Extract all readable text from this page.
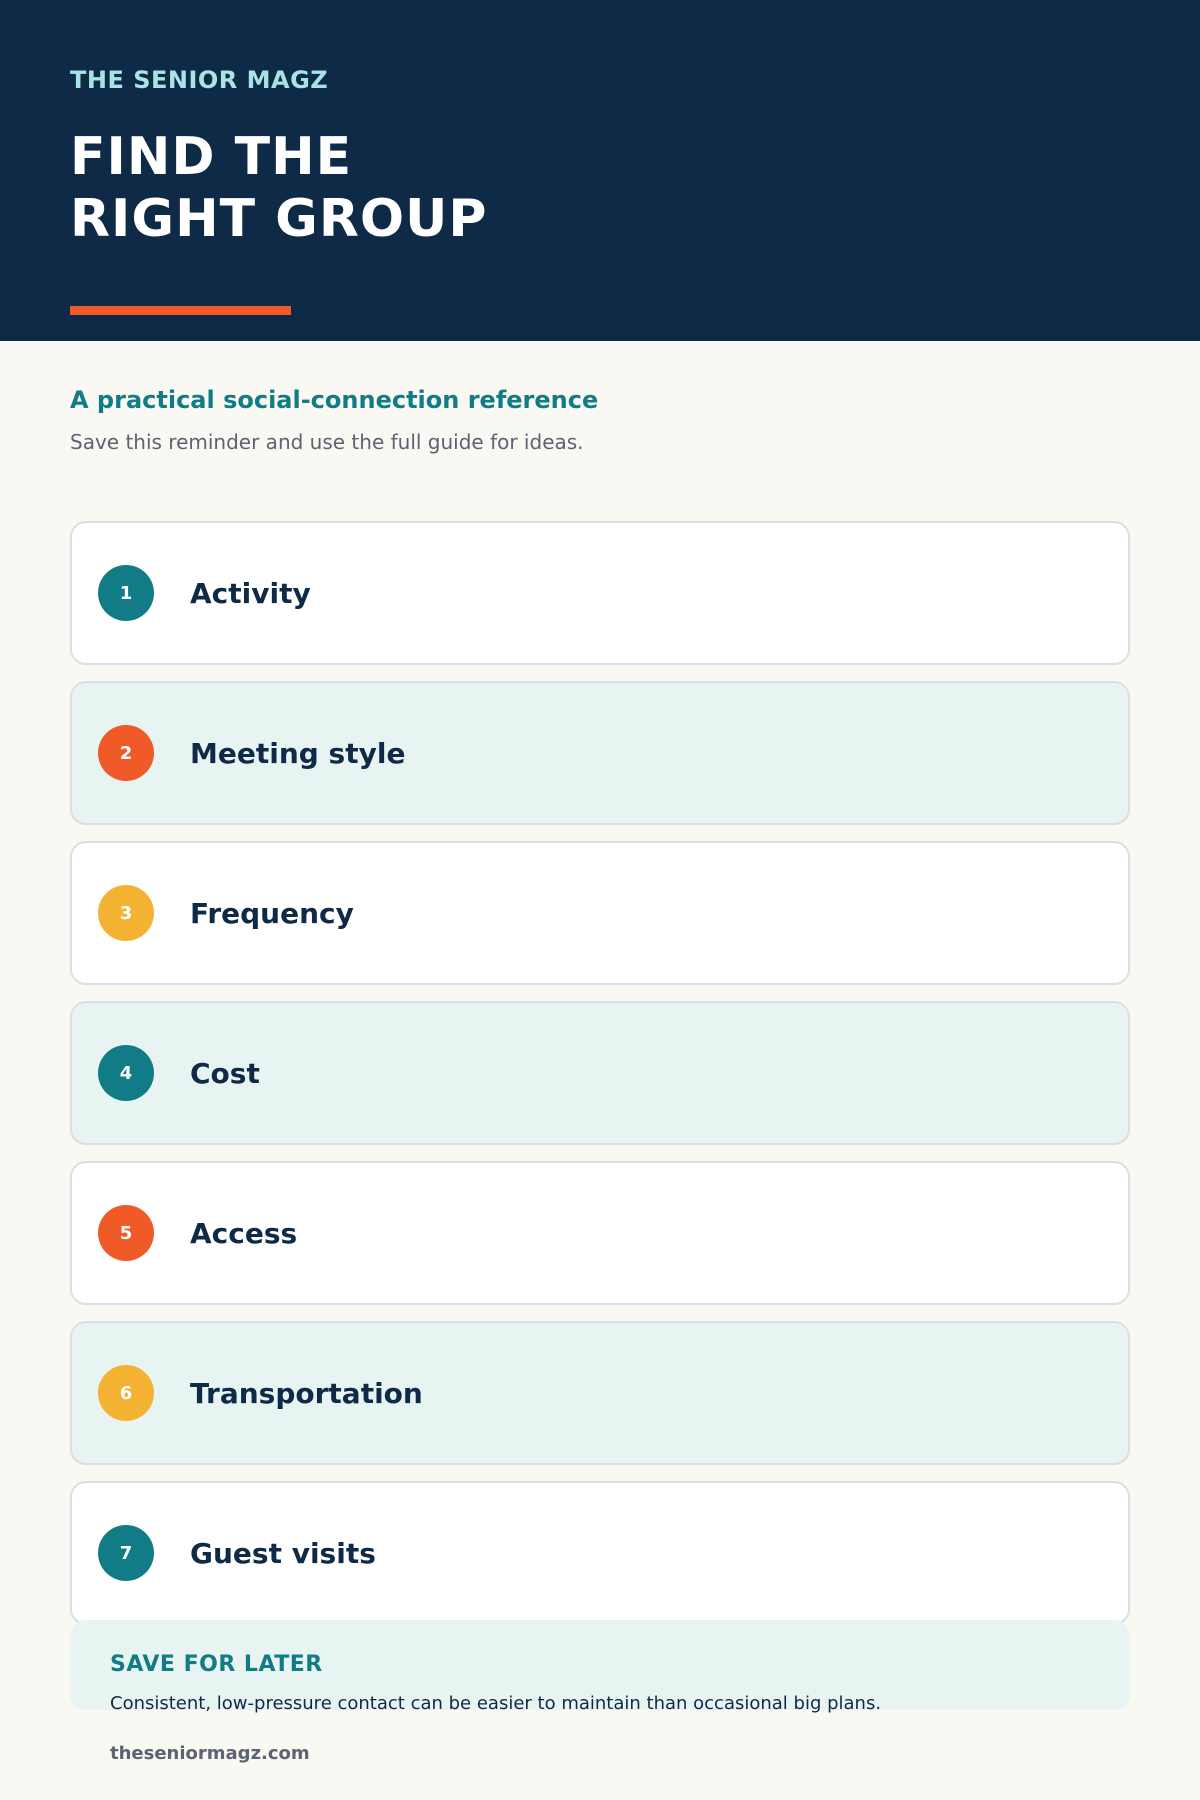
THE SENIOR MAGZ
FIND THE
RIGHT GROUP
A practical social-connection reference
Save this reminder and use the full guide for ideas.
1	Activity
2	Meeting style
3	Frequency
4	Cost
5	Access
6	Transportation
7	Guest visits
SAVE FOR LATER
Consistent, low-pressure contact can be easier to maintain than occasional big plans.
theseniormagz.com
